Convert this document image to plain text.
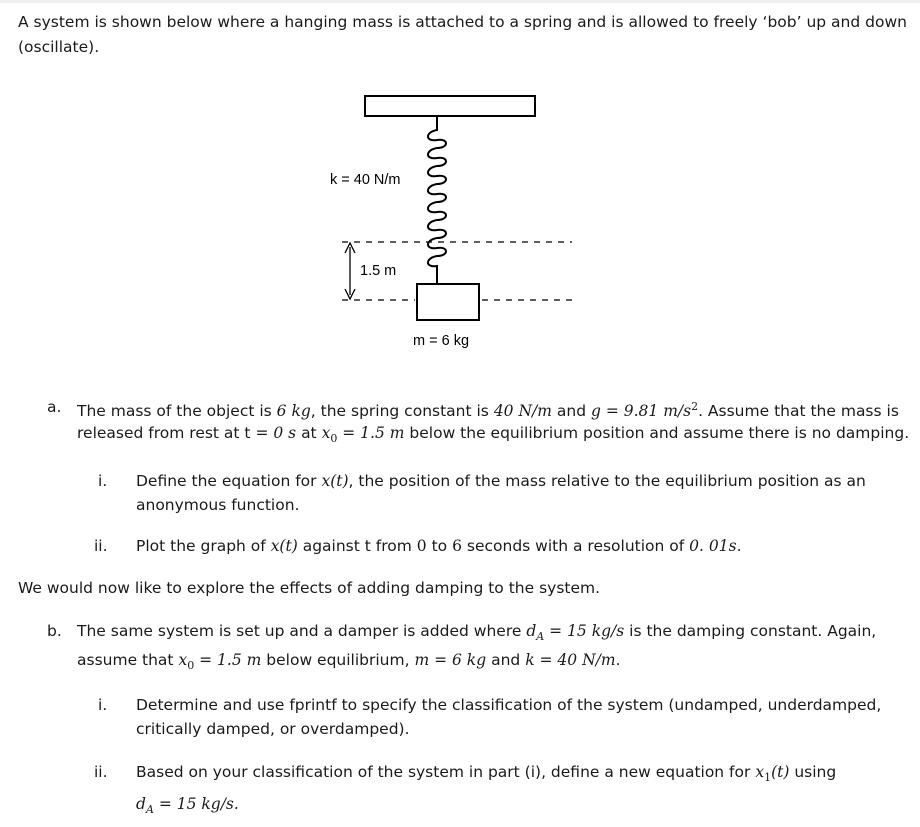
A system is shown below where a hanging mass is attached to a spring and is allowed to freely ‘bob’ up and down
(oscillate).
k = 40 N/m
1.5 m
m = 6 kg
a. The mass of the object is 6 kg, the spring constant is 40 N/m and g = 9.81 $m/s^2$. Assume that the mass is
released from rest at t = 0 s at $x_0 = 1.5$ m below the equilibrium position and assume there is no damping.
i. Define the equation for x(t), the position of the mass relative to the equilibrium position as an
anonymous function.
ii. Plot the graph of x(t) against t from 0 to 6 seconds with a resolution of 0. 01s.
We would now like to explore the effects of adding damping to the system.
b. The same system is set up and a damper is added where $d_A = 15$ kg/s is the damping constant. Again,
assume that $x_0 = 1.5$ m below equilibrium, m = 6 kg and k = 40 N/m.
i. Determine and use fprintf to specify the classification of the system (undamped, underdamped,
critically damped, or overdamped).
ii. Based on your classification of the system in part (i), define a new equation for $x_1(t)$ using
$d_A = 15$ kg/s.
